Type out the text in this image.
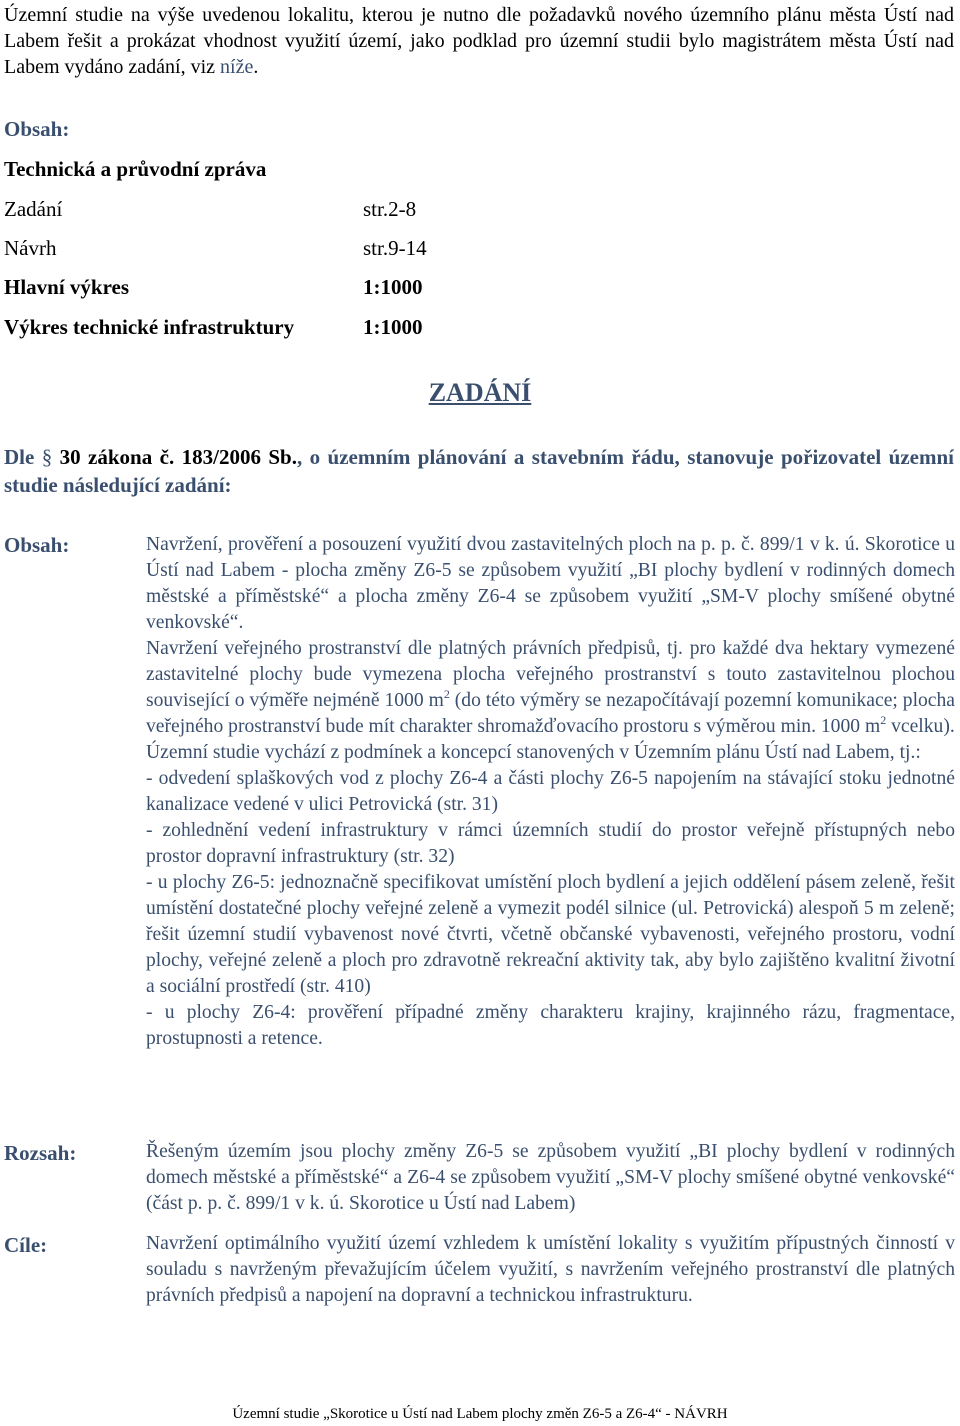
Územní studie na výše uvedenou lokalitu, kterou je nutno dle požadavků nového územního plánu města Ústí nad Labem řešit a prokázat vhodnost využití území, jako podklad pro územní studii bylo magistrátem města Ústí nad Labem vydáno zadání, viz níže.
Obsah:
Technická a průvodní zpráva
Zadání	str.2-8
Návrh	str.9-14
Hlavní výkres	1:1000
Výkres technické infrastruktury	1:1000
ZADÁNÍ

Dle § 30 zákona č. 183/2006 Sb., o územním plánování a stavebním řádu, stanovuje pořizovatel územní studie následující zadání:

Obsah:	Navržení, prověření a posouzení využití dvou zastavitelných ploch na p. p. č. 899/1 v k. ú. Skorotice u Ústí nad Labem - plocha změny Z6-5 se způsobem využití „BI plochy bydlení v rodinných domech městské a příměstské“ a plocha změny Z6-4 se způsobem využití „SM-V plochy smíšené obytné venkovské“.

Navržení veřejného prostranství dle platných právních předpisů, tj. pro každé dva hektary vymezené zastavitelné plochy bude vymezena plocha veřejného prostranství s touto zastavitelnou plochou související o výměře nejméně 1000 $m^2$ (do této výměry se nezapočítávají pozemní komunikace; plocha veřejného prostranství bude mít charakter shromažďovacího prostoru s výměrou min. 1000 $m^2$ vcelku).

Územní studie vychází z podmínek a koncepcí stanovených v Územním plánu Ústí nad Labem, tj.:

- odvedení splaškových vod z plochy Z6-4 a části plochy Z6-5 napojením na stávající stoku jednotné kanalizace vedené v ulici Petrovická (str. 31)

- zohlednění vedení infrastruktury v rámci územních studií do prostor veřejně přístupných nebo prostor dopravní infrastruktury (str. 32)

- u plochy Z6-5: jednoznačně specifikovat umístění ploch bydlení a jejich oddělení pásem zeleně, řešit umístění dostatečné plochy veřejné zeleně a vymezit podél silnice (ul. Petrovická) alespoň 5 m zeleně; řešit územní studií vybavenost nové čtvrti, včetně občanské vybavenosti, veřejného prostoru, vodní plochy, veřejné zeleně a ploch pro zdravotně rekreační aktivity tak, aby bylo zajištěno kvalitní životní a sociální prostředí (str. 410)

- u plochy Z6-4: prověření případné změny charakteru krajiny, krajinného rázu, fragmentace, prostupnosti a retence.

Rozsah:	Řešeným územím jsou plochy změny Z6-5 se způsobem využití „BI plochy bydlení v rodinných domech městské a příměstské“ a Z6-4 se způsobem využití „SM-V plochy smíšené obytné venkovské“ (část p. p. č. 899/1 v k. ú. Skorotice u Ústí nad Labem)
Cíle:	Navržení optimálního využití území vzhledem k umístění lokality s využitím přípustných činností v souladu s navrženým převažujícím účelem využití, s navržením veřejného prostranství dle platných právních předpisů a napojení na dopravní a technickou infrastrukturu.
Územní studie „Skorotice u Ústí nad Labem plochy změn Z6-5 a Z6-4“ - NÁVRH
